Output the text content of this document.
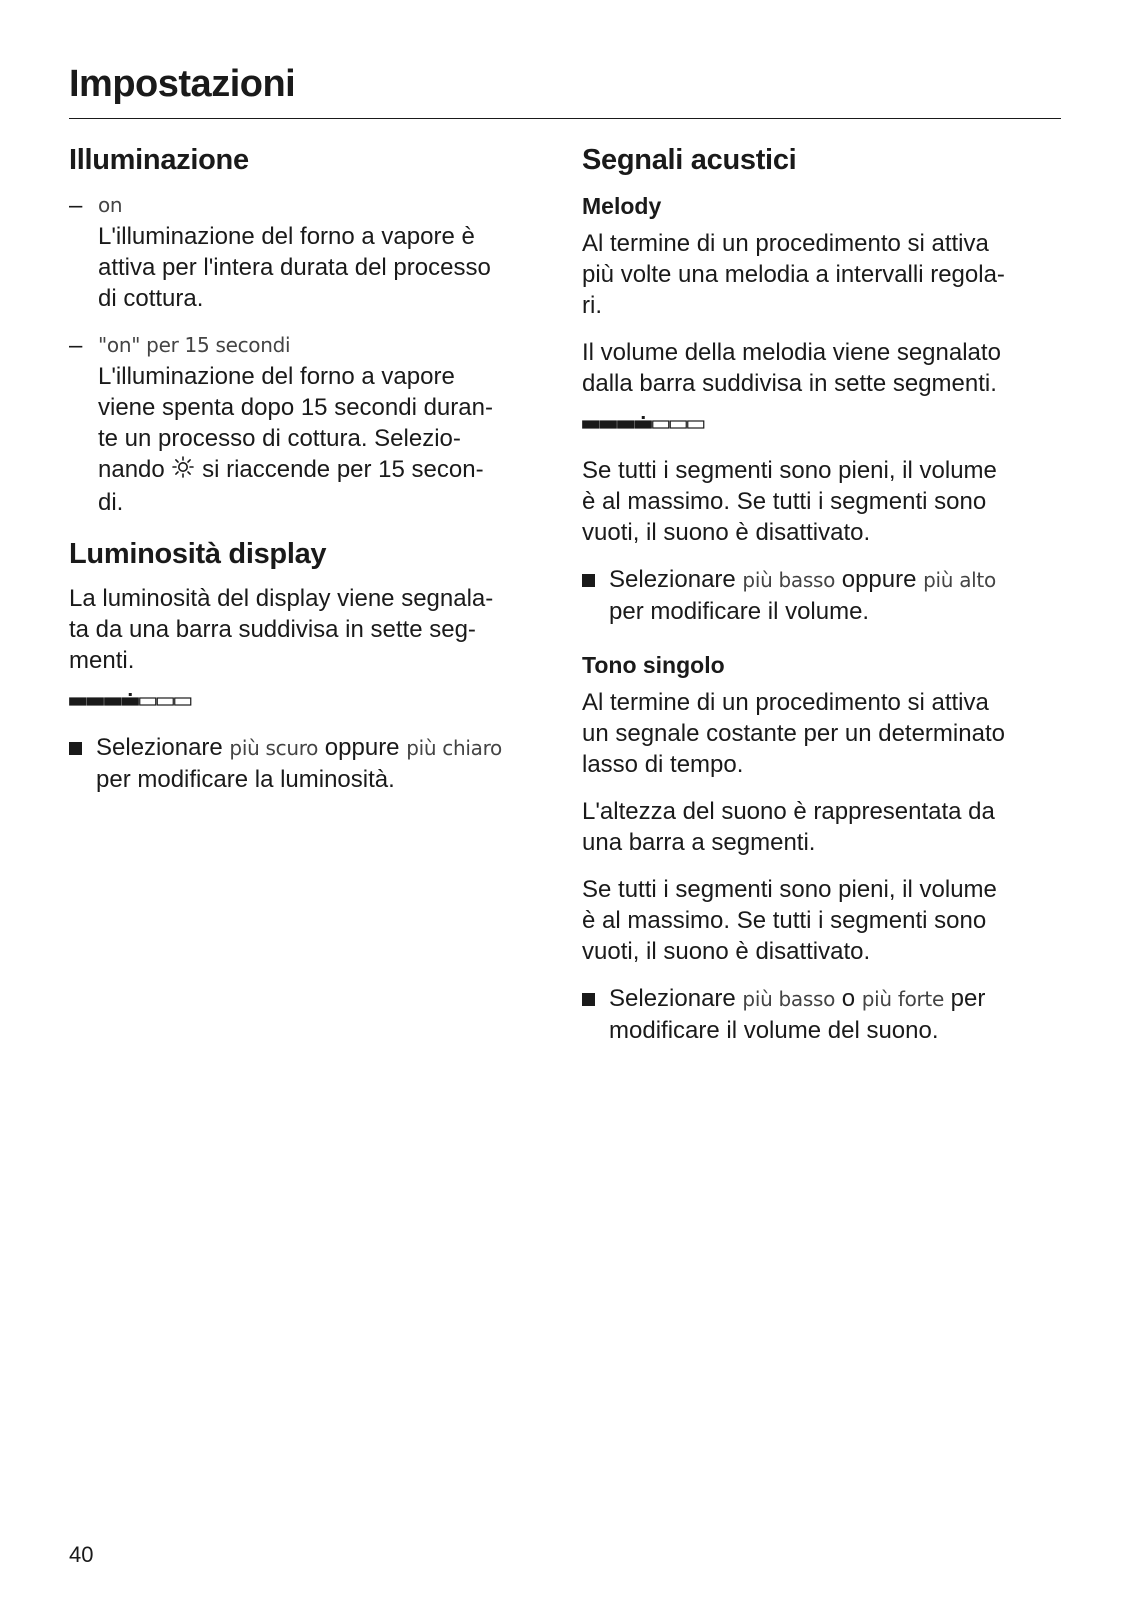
Impostazioni
Illuminazione
– on
L'illuminazione del forno a vapore è
attiva per l'intera durata del processo
di cottura.
– "on" per 15 secondi
L'illuminazione del forno a vapore
viene spenta dopo 15 secondi duran-
te un processo di cottura. Selezio-
nando si riaccende per 15 secon-
di.
Luminosità display

La luminosità del display viene segnala-
ta da una barra suddivisa in sette seg-
menti.

Selezionare più scuro oppure più chiaro
per modificare la luminosità.
Segnali acustici
Melody

Al termine di un procedimento si attiva
più volte una melodia a intervalli regola-
ri.

Il volume della melodia viene segnalato
dalla barra suddivisa in sette segmenti.

Se tutti i segmenti sono pieni, il volume
è al massimo. Se tutti i segmenti sono
vuoti, il suono è disattivato.

Selezionare più basso oppure più alto
per modificare il volume.
Tono singolo

Al termine di un procedimento si attiva
un segnale costante per un determinato
lasso di tempo.

L'altezza del suono è rappresentata da
una barra a segmenti.

Se tutti i segmenti sono pieni, il volume
è al massimo. Se tutti i segmenti sono
vuoti, il suono è disattivato.

Selezionare più basso o più forte per
modificare il volume del suono.
40
